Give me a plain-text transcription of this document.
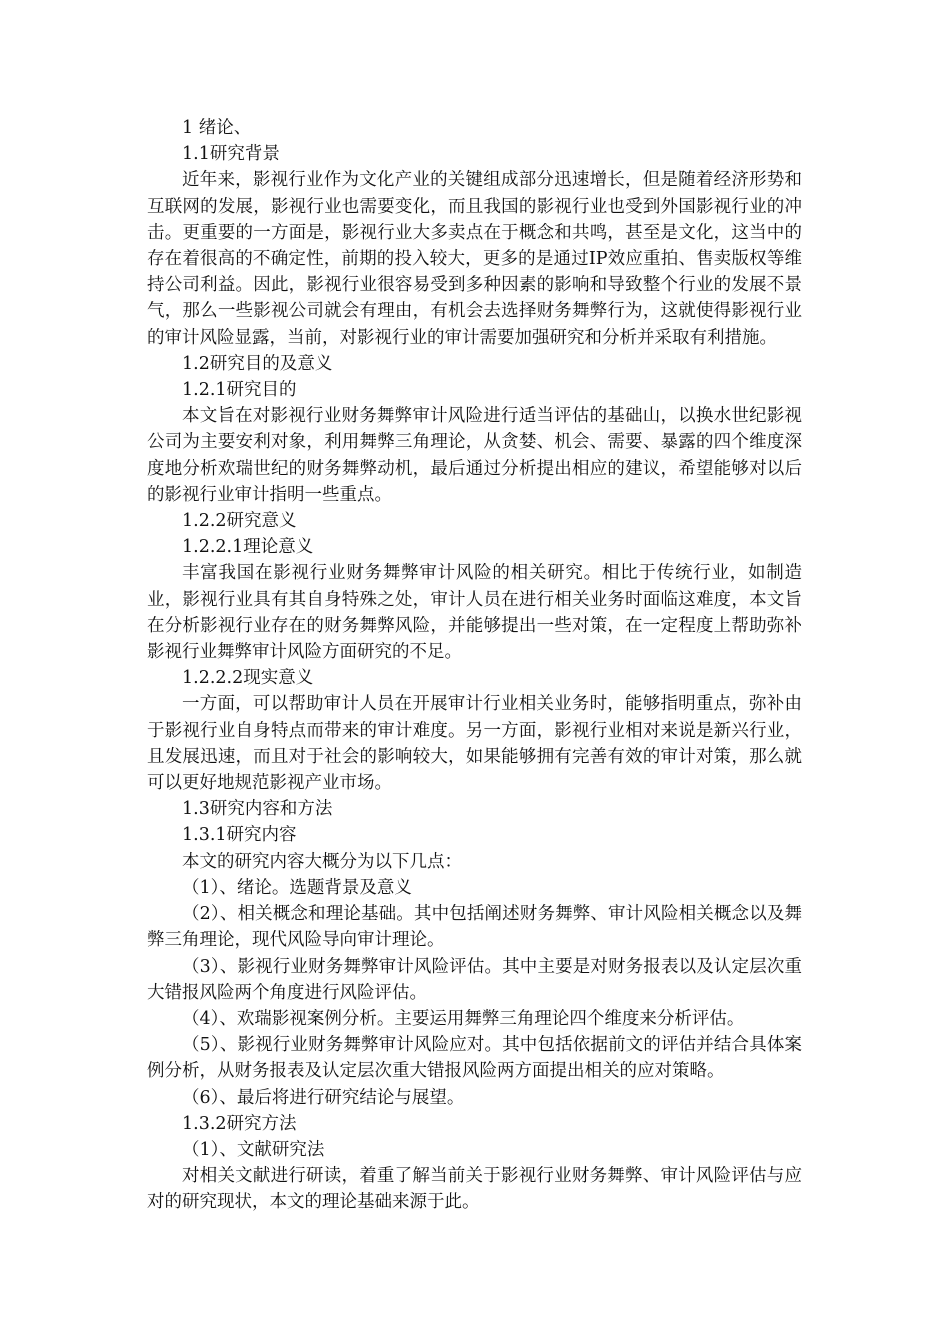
1 绪论、

1.1研究背景

近年来，影视行业作为文化产业的关键组成部分迅速增长，但是随着经济形势和互联网的发展，影视行业也需要变化，而且我国的影视行业也受到外国影视行业的冲击。更重要的一方面是，影视行业大多卖点在于概念和共鸣，甚至是文化，这当中的存在着很高的不确定性，前期的投入较大，更多的是通过IP效应重拍、售卖版权等维持公司利益。因此，影视行业很容易受到多种因素的影响和导致整个行业的发展不景气，那么一些影视公司就会有理由，有机会去选择财务舞弊行为，这就使得影视行业的审计风险显露，当前，对影视行业的审计需要加强研究和分析并采取有利措施。

1.2研究目的及意义

1.2.1研究目的

本文旨在对影视行业财务舞弊审计风险进行适当评估的基础山，以换水世纪影视公司为主要安利对象，利用舞弊三角理论，从贪婪、机会、需要、暴露的四个维度深度地分析欢瑞世纪的财务舞弊动机，最后通过分析提出相应的建议，希望能够对以后的影视行业审计指明一些重点。

1.2.2研究意义

1.2.2.1理论意义

丰富我国在影视行业财务舞弊审计风险的相关研究。相比于传统行业，如制造业，影视行业具有其自身特殊之处，审计人员在进行相关业务时面临这难度，本文旨在分析影视行业存在的财务舞弊风险，并能够提出一些对策，在一定程度上帮助弥补影视行业舞弊审计风险方面研究的不足。

1.2.2.2现实意义

一方面，可以帮助审计人员在开展审计行业相关业务时，能够指明重点，弥补由于影视行业自身特点而带来的审计难度。另一方面，影视行业相对来说是新兴行业，且发展迅速，而且对于社会的影响较大，如果能够拥有完善有效的审计对策，那么就可以更好地规范影视产业市场。

1.3研究内容和方法

1.3.1研究内容

本文的研究内容大概分为以下几点：

（1）、绪论。选题背景及意义

（2）、相关概念和理论基础。其中包括阐述财务舞弊、审计风险相关概念以及舞弊三角理论，现代风险导向审计理论。

（3）、影视行业财务舞弊审计风险评估。其中主要是对财务报表以及认定层次重大错报风险两个角度进行风险评估。

（4）、欢瑞影视案例分析。主要运用舞弊三角理论四个维度来分析评估。

（5）、影视行业财务舞弊审计风险应对。其中包括依据前文的评估并结合具体案例分析，从财务报表及认定层次重大错报风险两方面提出相关的应对策略。

（6）、最后将进行研究结论与展望。

1.3.2研究方法

（1）、文献研究法

对相关文献进行研读，着重了解当前关于影视行业财务舞弊、审计风险评估与应对的研究现状，本文的理论基础来源于此。
